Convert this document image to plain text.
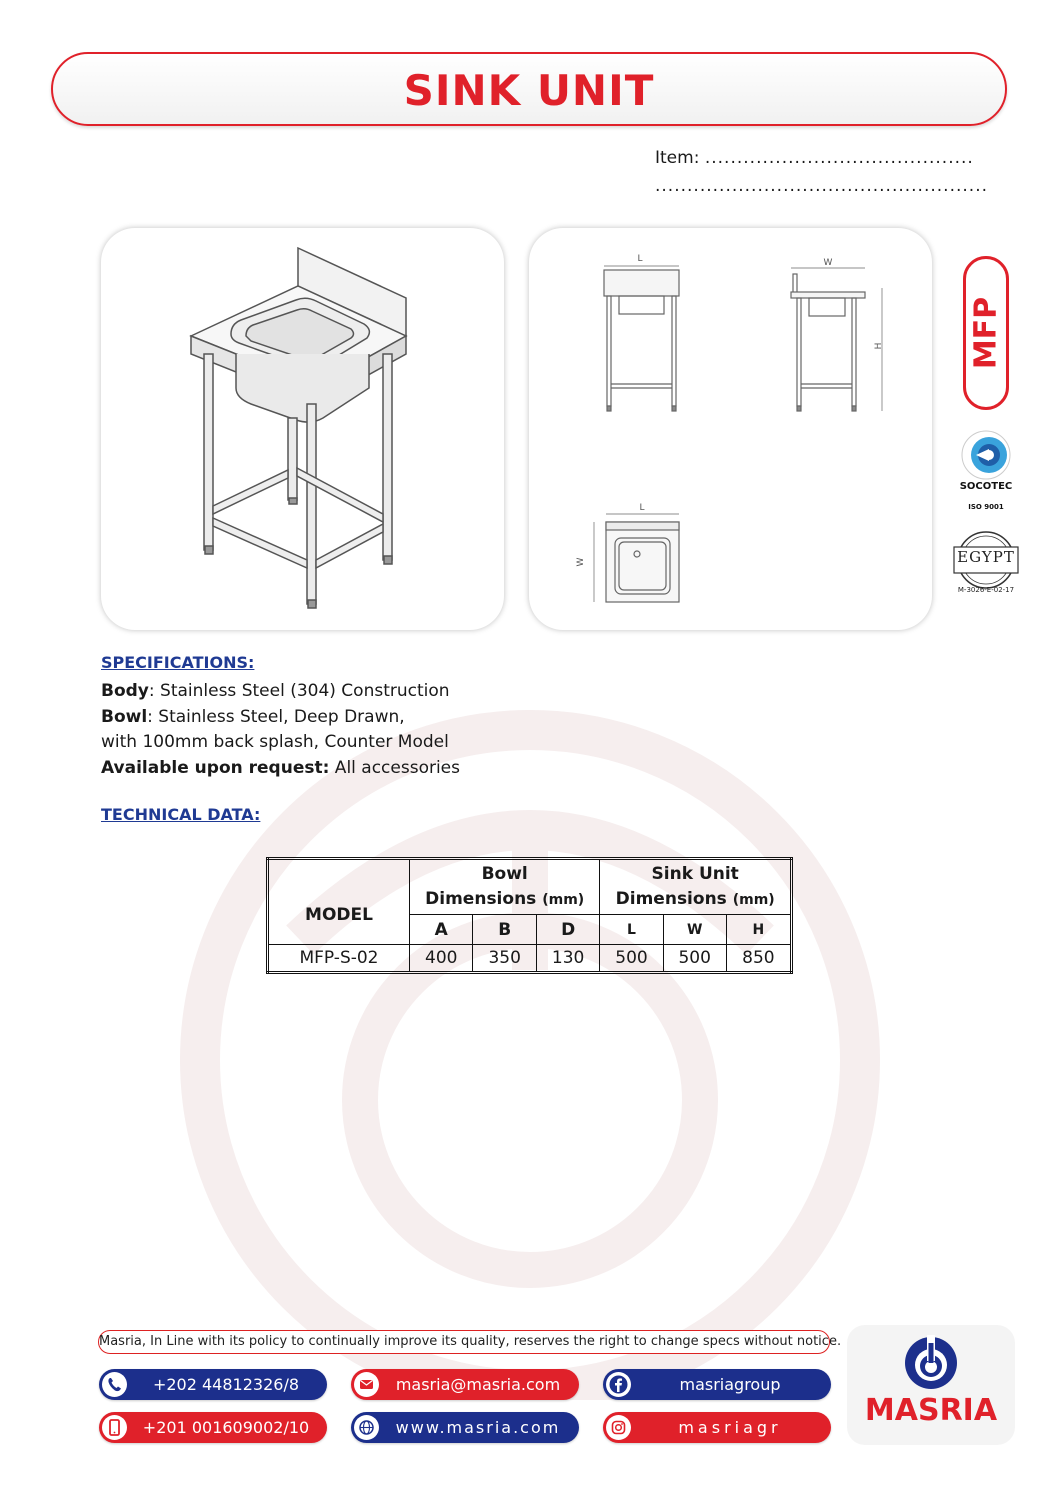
SINK UNIT
Item: ..........................................
....................................................
L	W
H
L
W
MFP
SOCOTEC
ISO 9001
EGYPT
M-3026-E-02-17
SPECIFICATIONS:
Body: Stainless Steel (304) Construction
Bowl: Stainless Steel, Deep Drawn,
with 100mm back splash, Counter Model
Available upon request: All accessories
TECHNICAL DATA:
MODEL	Bowl
Dimensions (mm)			Sink Unit
Dimensions (mm)		
	A	B	D	L	W	H
MFP-S-02	400	350	130	500	500	850
Masria, In Line with its policy to continually improve its quality, reserves the right to change specs without notice.
+202 44812326/8
+201 001609002/10
masria@masria.com
www.masria.com
masriagroup
masriagr	MASRIA
